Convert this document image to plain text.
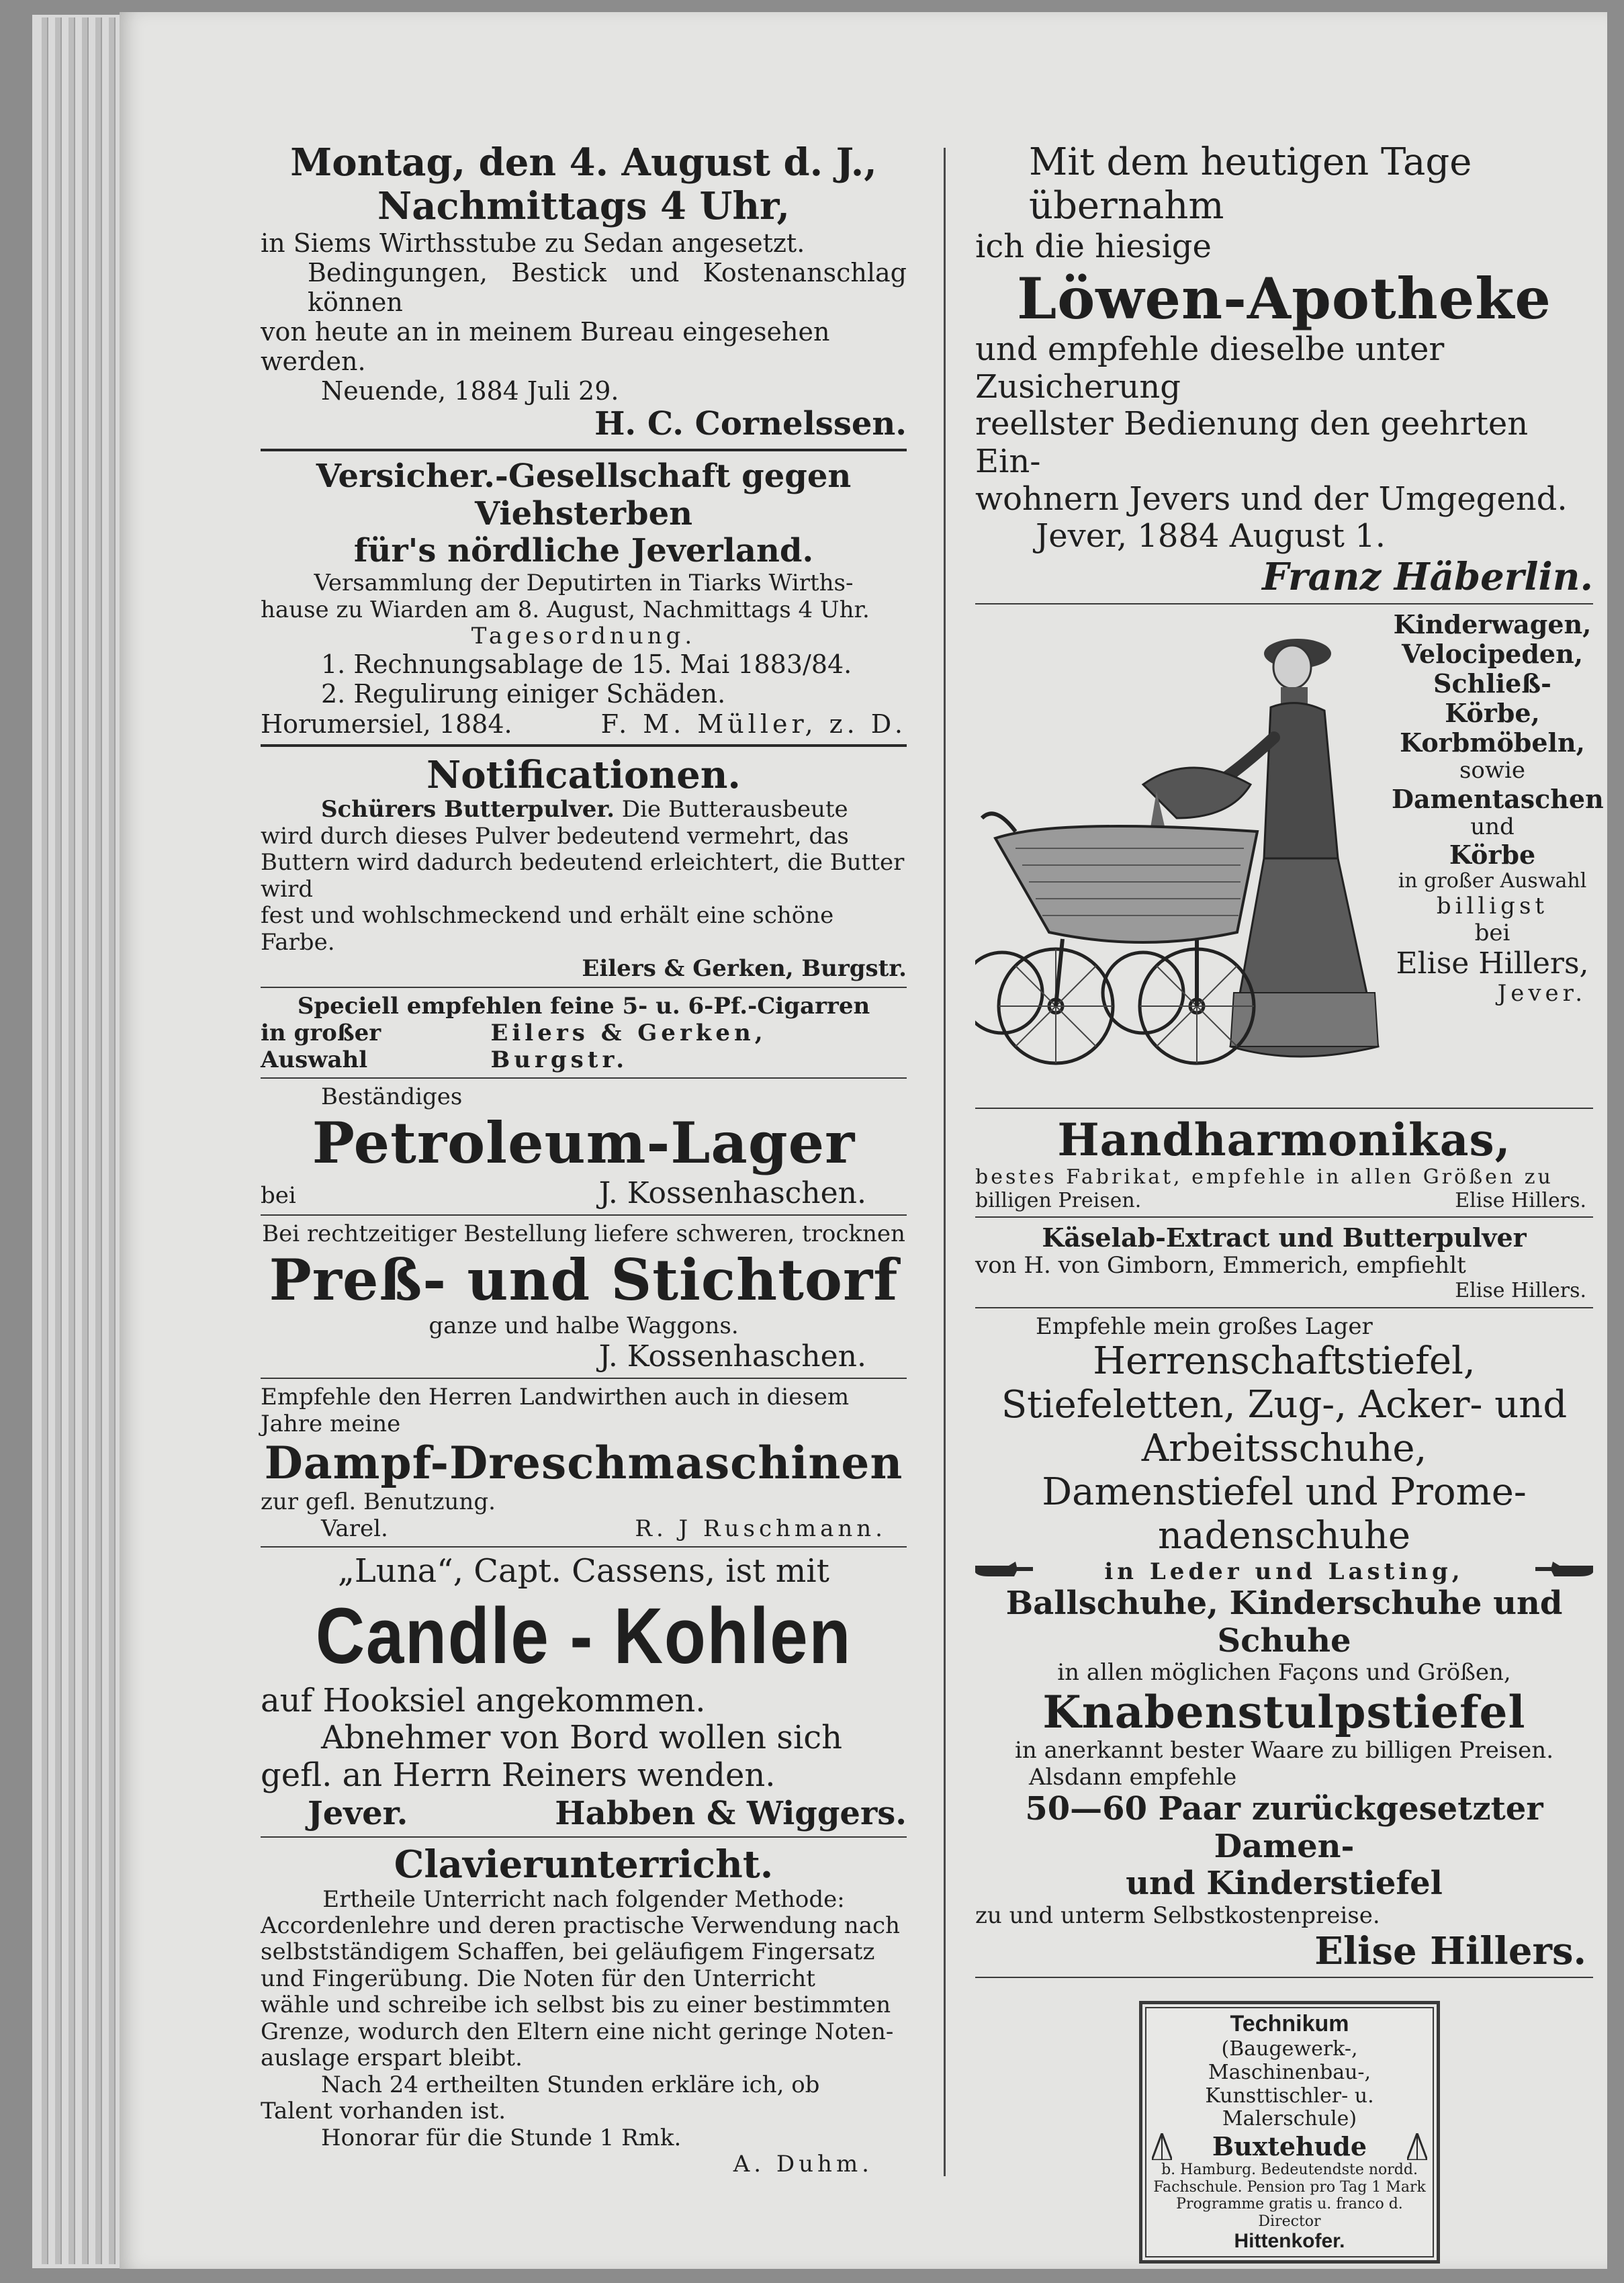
Montag, den 4. August d. J.,

Nachmittags 4 Uhr,

in Siems Wirthsstube zu Sedan angesetzt.

Bedingungen, Bestick und Kostenanschlag können

von heute an in meinem Bureau eingesehen werden.

Neuende, 1884 Juli 29.

H. C. Cornelssen.

Versicher.-Gesellschaft gegen Viehsterben

für's nördliche Jeverland.

Versammlung der Deputirten in Tiarks Wirths-

hause zu Wiarden am 8. August, Nachmittags 4 Uhr.

Tagesordnung.

1. Rechnungsablage de 15. Mai 1883/84.

2. Regulirung einiger Schäden.

Horumersiel, 1884.	F. M. Müller, z. D.

Notificationen.

Schürers Butterpulver. Die Butterausbeute

wird durch dieses Pulver bedeutend vermehrt, das

Buttern wird dadurch bedeutend erleichtert, die Butter wird

fest und wohlschmeckend und erhält eine schöne Farbe.

Eilers & Gerken, Burgstr.

Speciell empfehlen feine 5- u. 6-Pf.-Cigarren

in großer Auswahl
Eilers & Gerken, Burgstr.

Beständiges

Petroleum-Lager

bei	J. Kossenhaschen.

Bei rechtzeitiger Bestellung liefere schweren, trocknen

Preß- und Stichtorf

ganze und halbe Waggons.

J. Kossenhaschen.

Empfehle den Herren Landwirthen auch in diesem

Jahre meine

Dampf-Dreschmaschinen

zur gefl. Benutzung.

Varel.	R. J Ruschmann.

„Luna“, Capt. Cassens, ist mit

Candle - Kohlen

auf Hooksiel angekommen.

Abnehmer von Bord wollen sich

gefl. an Herrn Reiners wenden.

Jever.	Habben & Wiggers.

Clavierunterricht.

Ertheile Unterricht nach folgender Methode:

Accordenlehre und deren practische Verwendung nach

selbstständigem Schaffen, bei geläufigem Fingersatz

und Fingerübung. Die Noten für den Unterricht

wähle und schreibe ich selbst bis zu einer bestimmten

Grenze, wodurch den Eltern eine nicht geringe Noten-

auslage erspart bleibt.

Nach 24 ertheilten Stunden erkläre ich, ob

Talent vorhanden ist.

Honorar für die Stunde 1 Rmk.

A. Duhm.

Mit dem heutigen Tage übernahm

ich die hiesige

Löwen-Apotheke

und empfehle dieselbe unter Zusicherung

reellster Bedienung den geehrten Ein-

wohnern Jevers und der Umgegend.

Jever, 1884 August 1.

Franz Häberlin.

Kinderwagen,

Velocipeden,

Schließ-Körbe,

Korbmöbeln,

sowie

Damentaschen

und

Körbe

in großer Auswahl

billigst

bei

Elise Hillers,

Jever.

Handharmonikas,

bestes Fabrikat, empfehle in allen Größen zu

billigen Preisen.	Elise Hillers.

Käselab-Extract und Butterpulver

von H. von Gimborn, Emmerich, empfiehlt

Elise Hillers.

Empfehle mein großes Lager

Herrenschaftstiefel,

Stiefeletten, Zug-, Acker- und

Arbeitsschuhe,

Damenstiefel und Prome-

nadenschuhe

in Leder und Lasting,

Ballschuhe, Kinderschuhe und Schuhe

in allen möglichen Façons und Größen,

Knabenstulpstiefel

in anerkannt bester Waare zu billigen Preisen.

Alsdann empfehle

50—60 Paar zurückgesetzter Damen-

und Kinderstiefel

zu und unterm Selbstkostenpreise.

Elise Hillers.

Technikum

(Baugewerk-, Maschinenbau-,

Kunsttischler- u. Malerschule)

Buxtehude

b. Hamburg. Bedeutendste nordd.

Fachschule. Pension pro Tag 1 Mark

Programme gratis u. franco d. Director

Hittenkofer.
